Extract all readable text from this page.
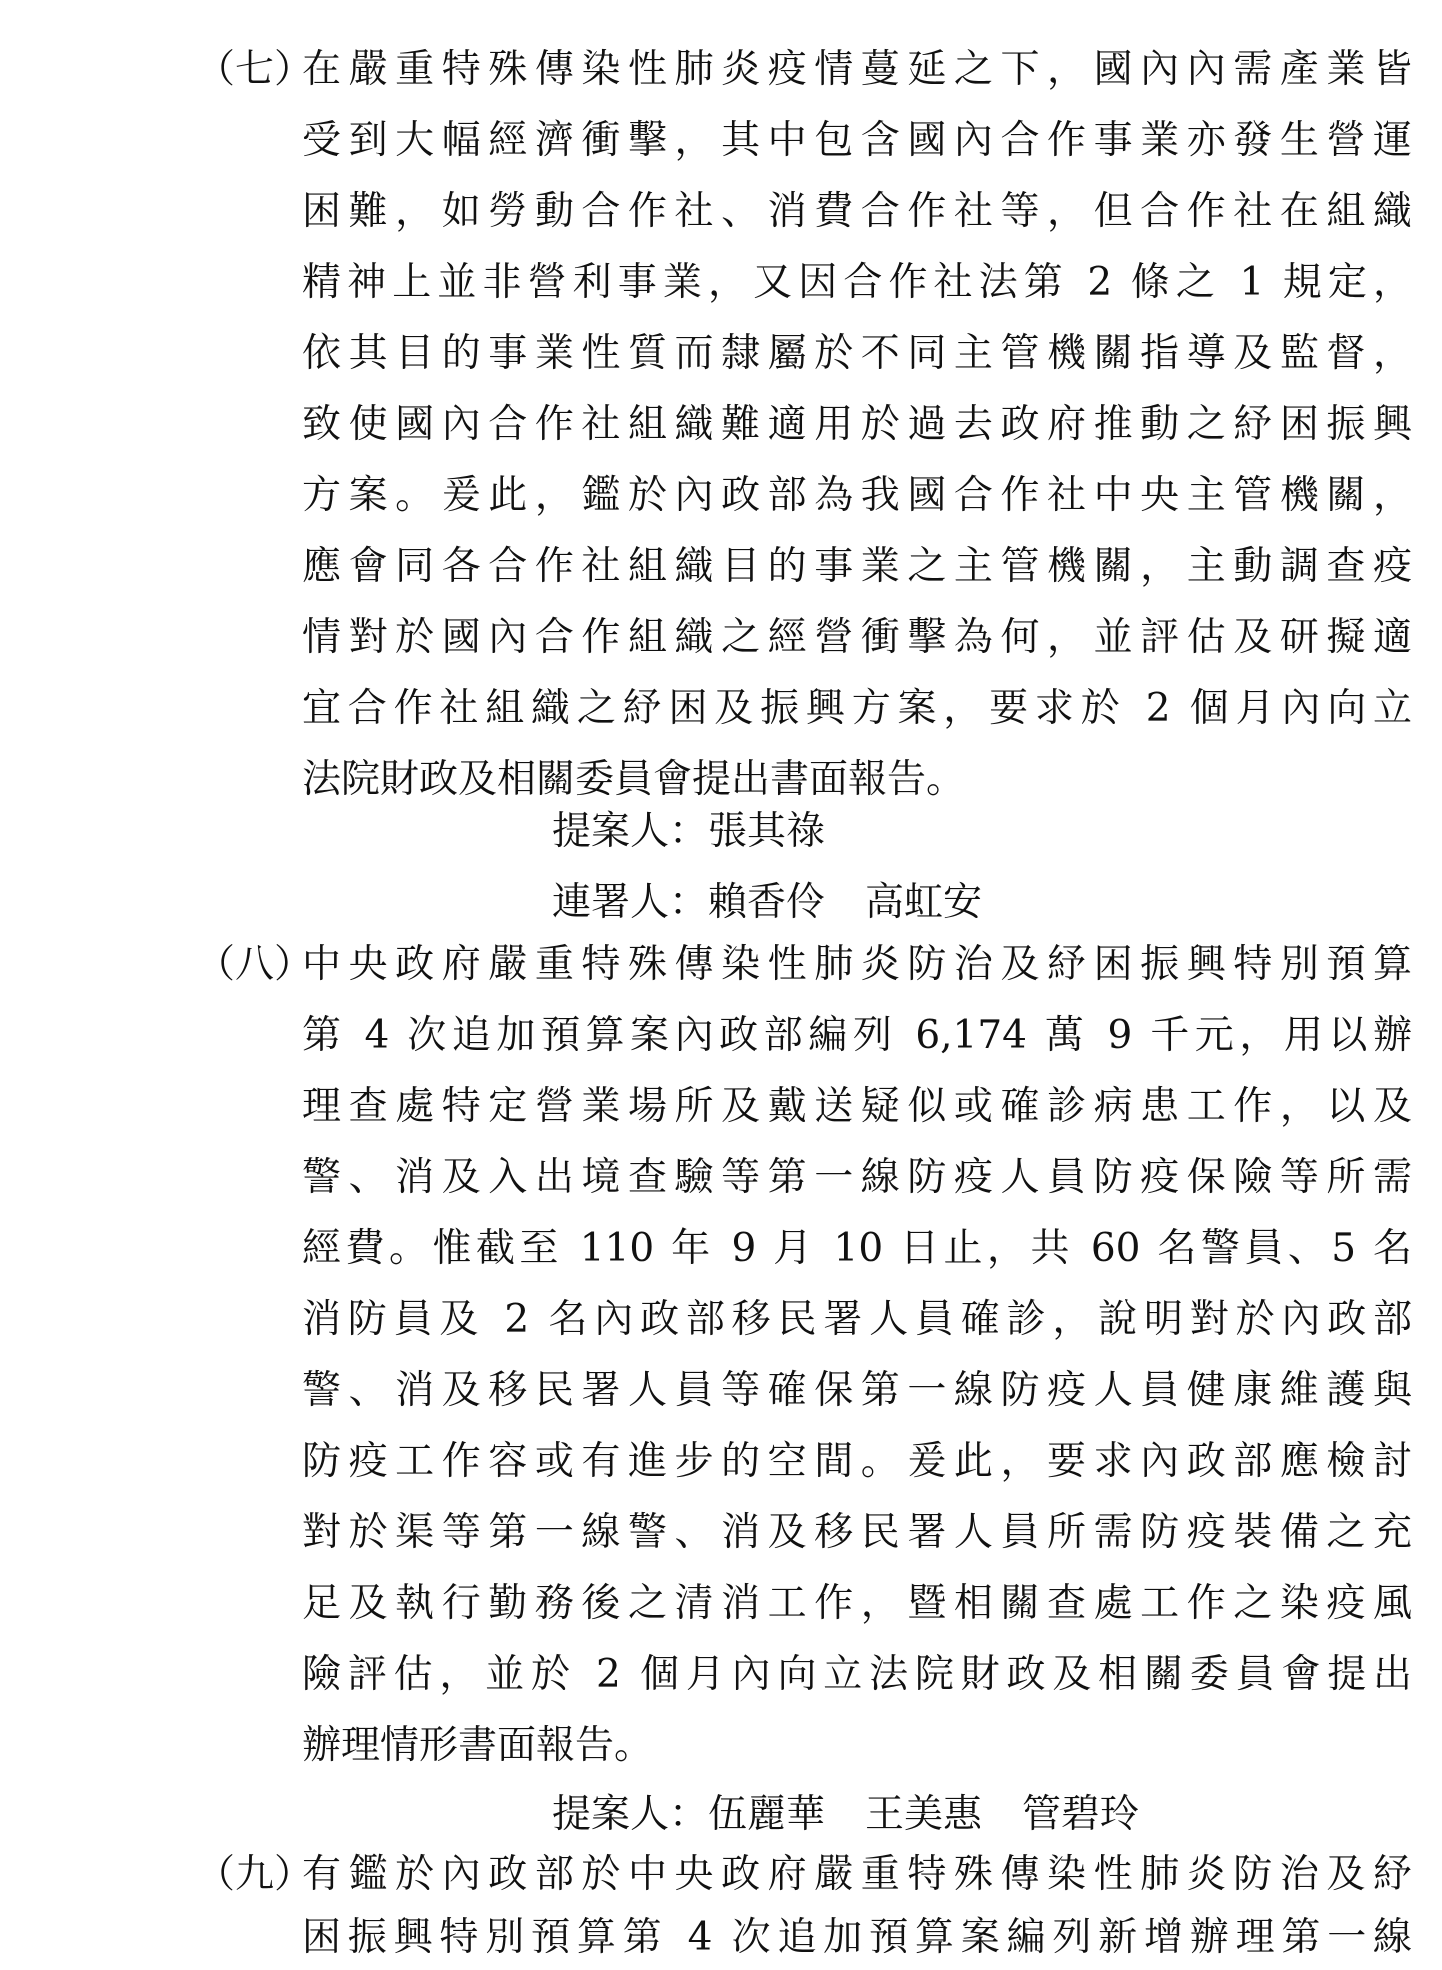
（七）
在嚴重特殊傳染性肺炎疫情蔓延之下，國內內需產業皆
受到大幅經濟衝擊，其中包含國內合作事業亦發生營運
困難，如勞動合作社、消費合作社等，但合作社在組織
精神上並非營利事業，又因合作社法第 2 條之 1 規定，
依其目的事業性質而隸屬於不同主管機關指導及監督，
致使國內合作社組織難適用於過去政府推動之紓困振興
方案。爰此，鑑於內政部為我國合作社中央主管機關，
應會同各合作社組織目的事業之主管機關，主動調查疫
情對於國內合作組織之經營衝擊為何，並評估及研擬適
宜合作社組織之紓困及振興方案，要求於 2 個月內向立
法院財政及相關委員會提出書面報告。
提案人：張其祿
連署人：賴香伶 高虹安
（八）
中央政府嚴重特殊傳染性肺炎防治及紓困振興特別預算
第 4 次追加預算案內政部編列 6,174 萬 9 千元，用以辦
理查處特定營業場所及戴送疑似或確診病患工作，以及
警、消及入出境查驗等第一線防疫人員防疫保險等所需
經費。惟截至 110 年 9 月 10 日止，共 60 名警員、5 名
消防員及 2 名內政部移民署人員確診，說明對於內政部
警、消及移民署人員等確保第一線防疫人員健康維護與
防疫工作容或有進步的空間。爰此，要求內政部應檢討
對於渠等第一線警、消及移民署人員所需防疫裝備之充
足及執行勤務後之清消工作，暨相關查處工作之染疫風
險評估，並於 2 個月內向立法院財政及相關委員會提出
辦理情形書面報告。
提案人：伍麗華 王美惠 管碧玲
（九）
有鑑於內政部於中央政府嚴重特殊傳染性肺炎防治及紓
困振興特別預算第 4 次追加預算案編列新增辦理第一線
